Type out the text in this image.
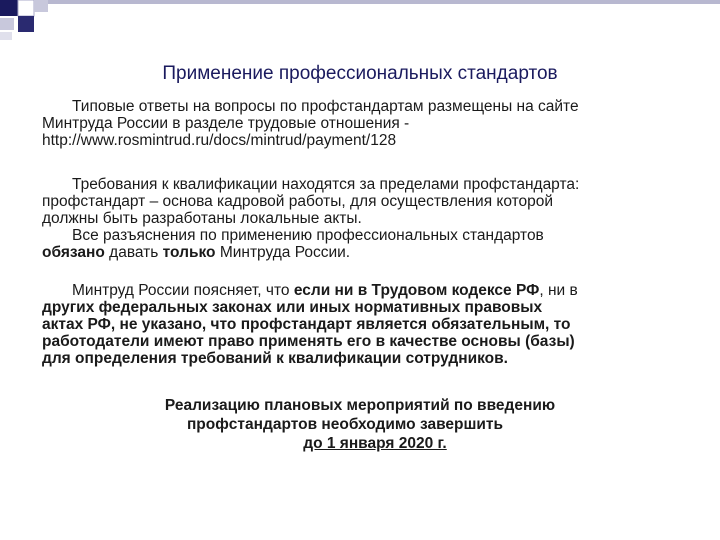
Применение профессиональных стандартов

Типовые ответы на вопросы по профстандартам размещены на сайте

Минтруда России в разделе трудовые отношения -

http://www.rosmintrud.ru/docs/mintrud/payment/128

Требования к квалификации находятся за пределами профстандарта:

профстандарт – основа кадровой работы, для осуществления которой

должны быть разработаны локальные акты.

Все разъяснения по применению профессиональных стандартов

обязано давать только Минтруда России.

Минтруд России поясняет, что если ни в Трудовом кодексе РФ, ни в

других федеральных законах или иных нормативных правовых

актах РФ, не указано, что профстандарт является обязательным, то

работодатели имеют право применять его в качестве основы (базы)

для определения требований к квалификации сотрудников.

Реализацию плановых мероприятий по введению
профстандартов необходимо завершить
до 1 января 2020 г.
